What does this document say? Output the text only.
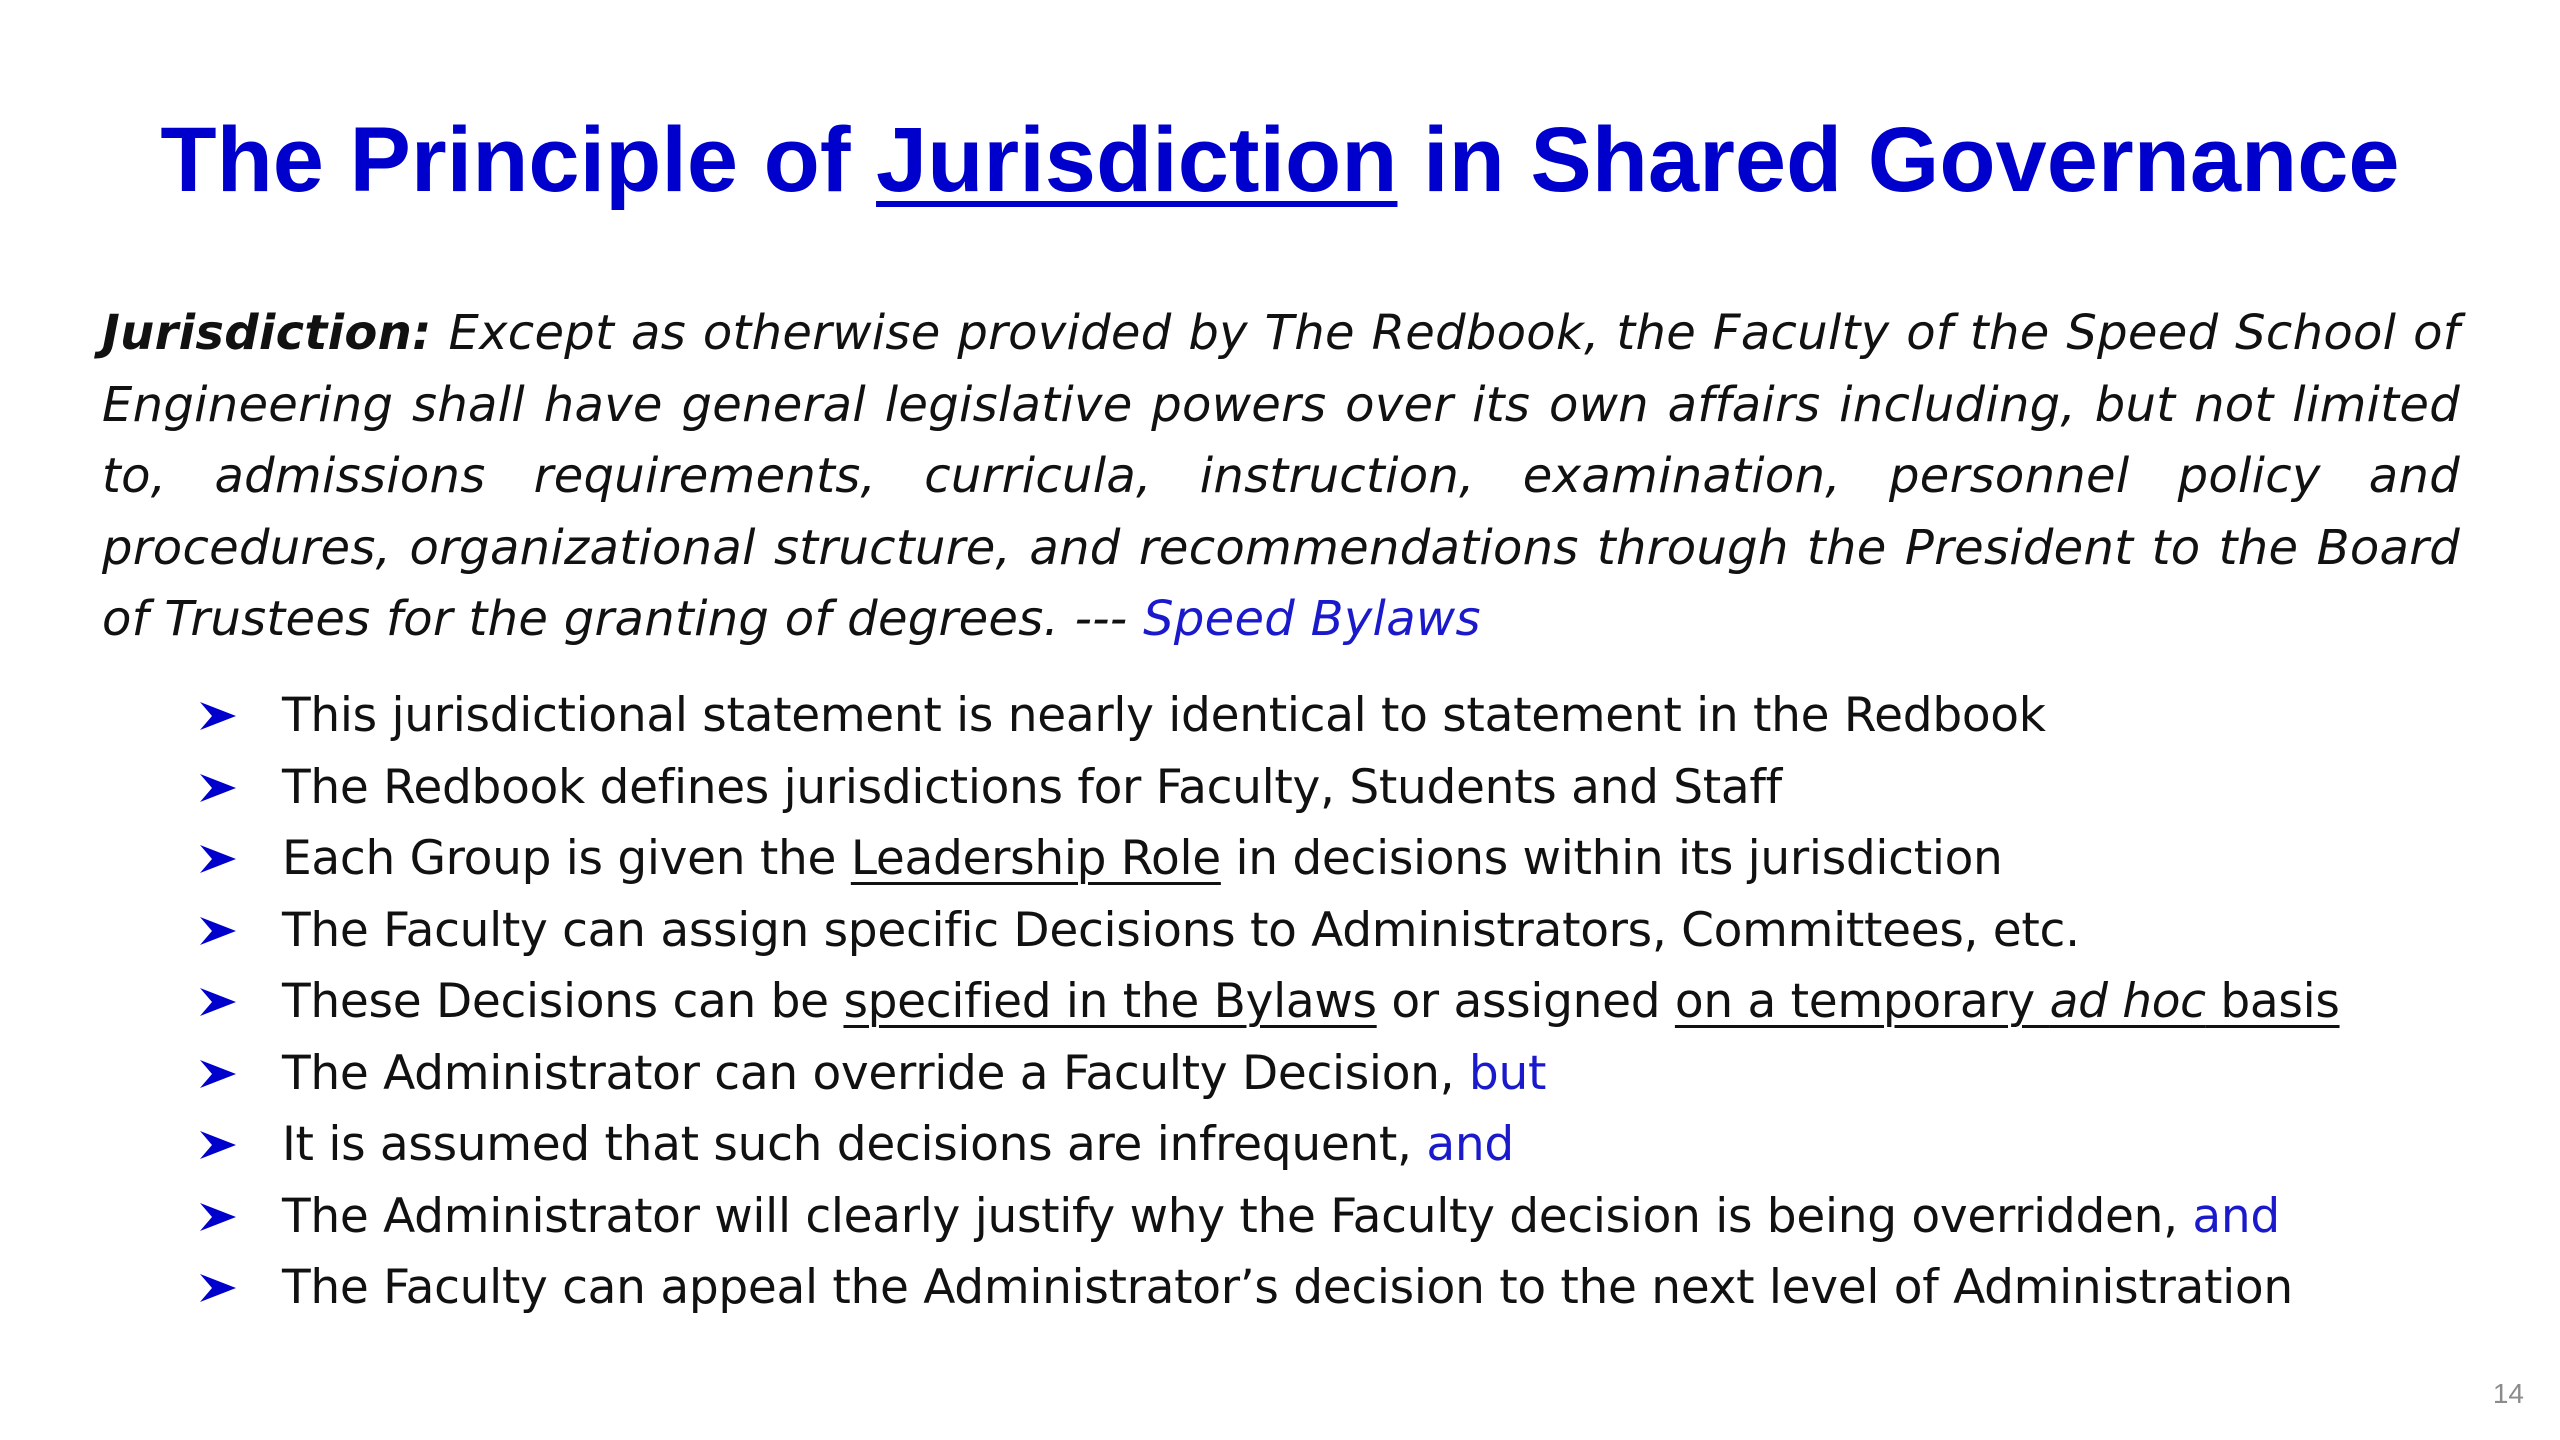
The Principle of Jurisdiction in Shared Governance
Jurisdiction: Except as otherwise provided by The Redbook, the Faculty of the Speed School of Engineering shall have general legislative powers over its own affairs including, but not limited to, admissions requirements, curricula, instruction, examination, personnel policy and procedures, organizational structure, and recommendations through the President to the Board of Trustees for the granting of degrees. --- Speed Bylaws
This jurisdictional statement is nearly identical to statement in the Redbook
The Redbook defines jurisdictions for Faculty, Students and Staff
Each Group is given the Leadership Role in decisions within its jurisdiction
The Faculty can assign specific Decisions to Administrators, Committees, etc.
These Decisions can be specified in the Bylaws or assigned on a temporary ad hoc basis
The Administrator can override a Faculty Decision, but
It is assumed that such decisions are infrequent, and
The Administrator will clearly justify why the Faculty decision is being overridden, and
The Faculty can appeal the Administrator’s decision to the next level of Administration
14
